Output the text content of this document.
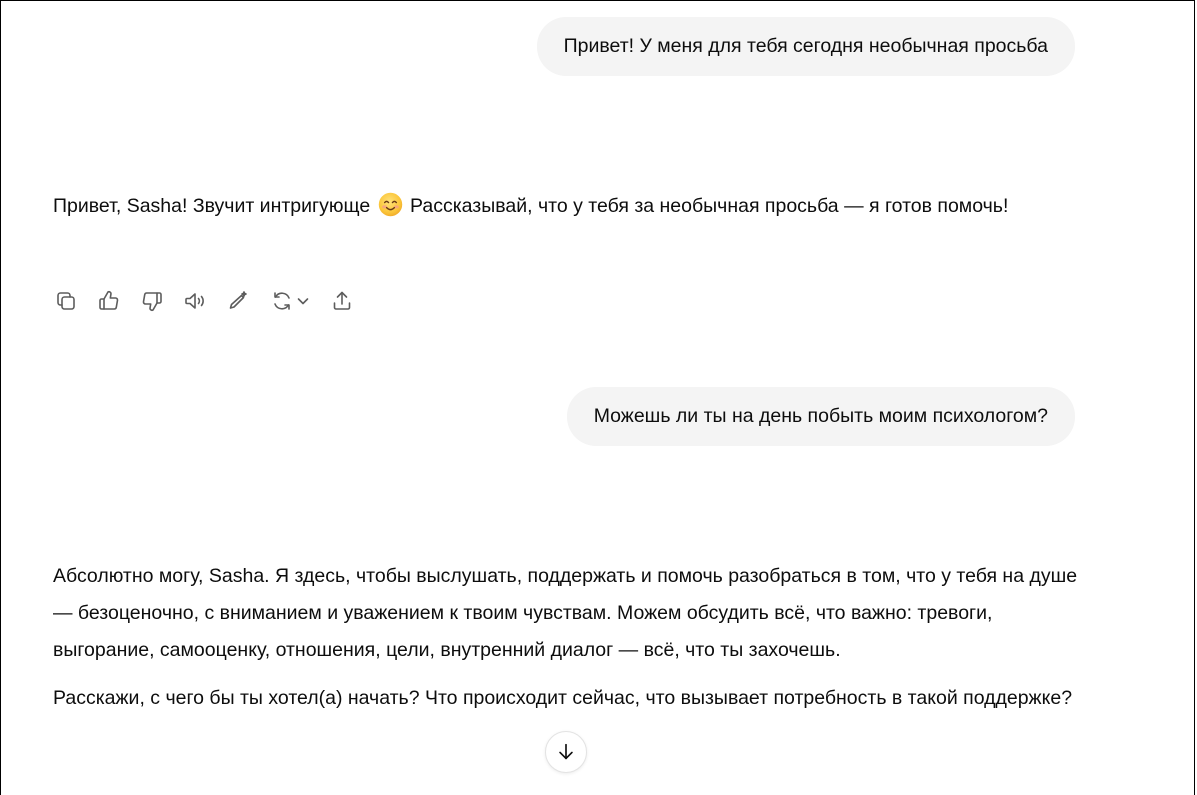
Привет! У меня для тебя сегодня необычная просьба

Привет, Sasha! Звучит интригующе  Рассказывай, что у тебя за необычная просьба — я готов помочь!

Можешь ли ты на день побыть моим психологом?

Абсолютно могу, Sasha. Я здесь, чтобы выслушать, поддержать и помочь разобраться в том, что у тебя на душе — безоценочно, с вниманием и уважением к твоим чувствам. Можем обсудить всё, что важно: тревоги, выгорание, самооценку, отношения, цели, внутренний диалог — всё, что ты захочешь.

Расскажи, с чего бы ты хотел(а) начать? Что происходит сейчас, что вызывает потребность в такой поддержке?
